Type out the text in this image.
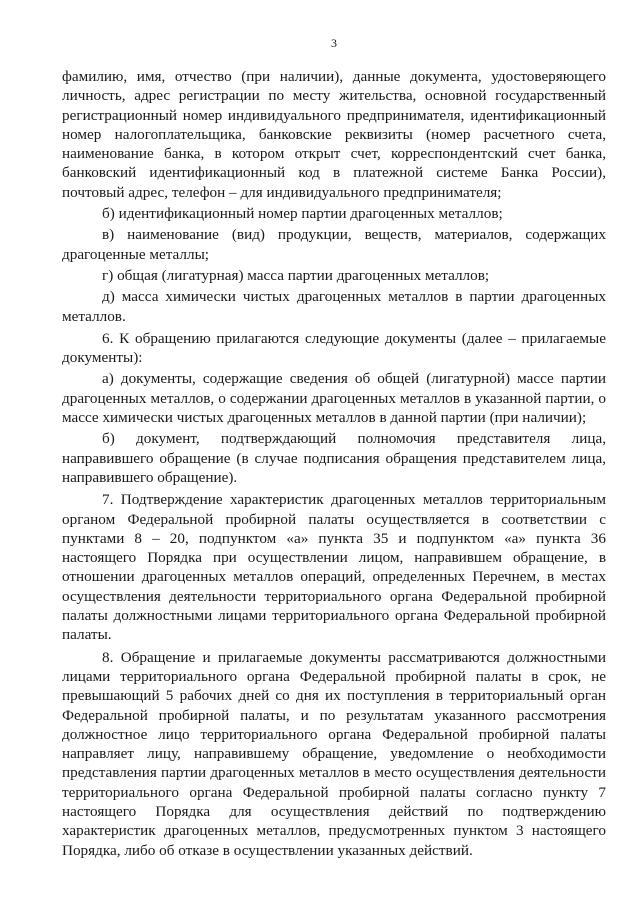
3

фамилию, имя, отчество (при наличии), данные документа, удостоверяющего личность, адрес регистрации по месту жительства, основной государственный регистрационный номер индивидуального предпринимателя, идентификационный номер налогоплательщика, банковские реквизиты (номер расчетного счета, наименование банка, в котором открыт счет, корреспондентский счет банка, банковский идентификационный код в платежной системе Банка России), почтовый адрес, телефон – для индивидуального предпринимателя;

б) идентификационный номер партии драгоценных металлов;

в) наименование (вид) продукции, веществ, материалов, содержащих драгоценные металлы;

г) общая (лигатурная) масса партии драгоценных металлов;

д) масса химически чистых драгоценных металлов в партии драгоценных металлов.

6. К обращению прилагаются следующие документы (далее – прилагаемые документы):

а) документы, содержащие сведения об общей (лигатурной) массе партии драгоценных металлов, о содержании драгоценных металлов в указанной партии, о массе химически чистых драгоценных металлов в данной партии (при наличии);

б) документ, подтверждающий полномочия представителя лица, направившего обращение (в случае подписания обращения представителем лица, направившего обращение).

7. Подтверждение характеристик драгоценных металлов территориальным органом Федеральной пробирной палаты осуществляется в соответствии с пунктами 8 – 20, подпунктом «а» пункта 35 и подпунктом «а» пункта 36 настоящего Порядка при осуществлении лицом, направившем обращение, в отношении драгоценных металлов операций, определенных Перечнем, в местах осуществления деятельности территориального органа Федеральной пробирной палаты должностными лицами территориального органа Федеральной пробирной палаты.

8. Обращение и прилагаемые документы рассматриваются должностными лицами территориального органа Федеральной пробирной палаты в срок, не превышающий 5 рабочих дней со дня их поступления в территориальный орган Федеральной пробирной палаты, и по результатам указанного рассмотрения должностное лицо территориального органа Федеральной пробирной палаты направляет лицу, направившему обращение, уведомление о необходимости представления партии драгоценных металлов в место осуществления деятельности территориального органа Федеральной пробирной палаты согласно пункту 7 настоящего Порядка для осуществления действий по подтверждению характеристик драгоценных металлов, предусмотренных пунктом 3 настоящего Порядка, либо об отказе в осуществлении указанных действий.
